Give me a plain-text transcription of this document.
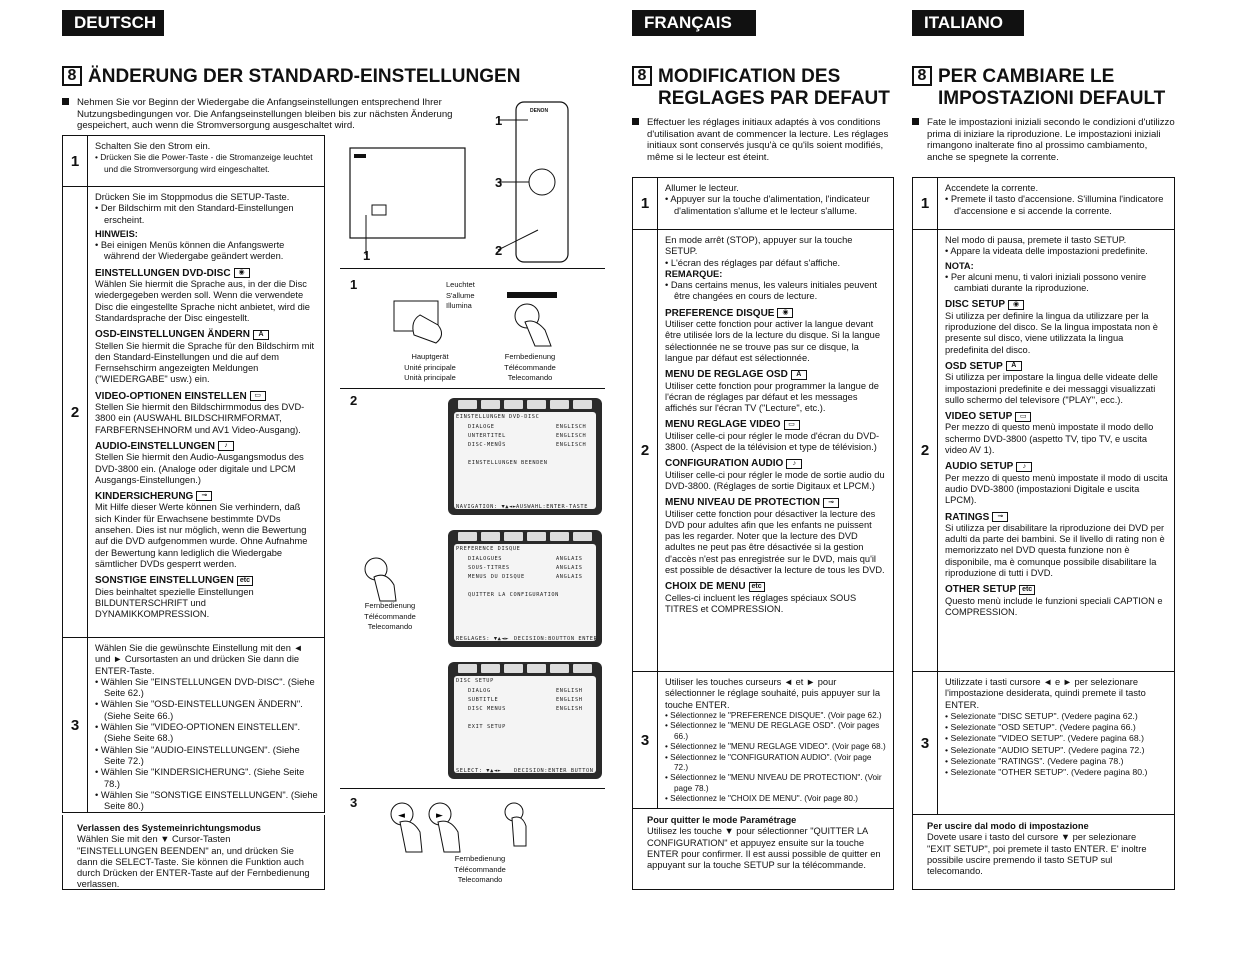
DEUTSCH	FRANÇAIS	ITALIANO
8 ÄNDERUNG DER STANDARD-EINSTELLUNGEN
Nehmen Sie vor Beginn der Wiedergabe die Anfangseinstellungen entsprechend Ihrer Nutzungsbedingungen vor. Die Anfangseinstellungen bleiben bis zur nächsten Änderung gespeichert, auch wenn die Stromversorgung ausgeschaltet wird.
1

Schalten Sie den Strom ein.

• Drücken Sie die Power-Taste - die Stromanzeige leuchtet und die Stromversorgung wird eingeschaltet.

2

Drücken Sie im Stoppmodus die SETUP-Taste.

• Der Bildschirm mit den Standard-Einstellungen erscheint.

HINWEIS:

• Bei einigen Menüs können die Anfangswerte während der Wiedergabe geändert werden.

EINSTELLUNGEN DVD-DISC ◉

Wählen Sie hiermit die Sprache aus, in der die Disc wiedergegeben werden soll. Wenn die verwendete Disc die eingestellte Sprache nicht anbietet, wird die Standardsprache der Disc eingestellt.

OSD-EINSTELLUNGEN ÄNDERN A

Stellen Sie hiermit die Sprache für den Bildschirm mit den Standard-Einstellungen und die auf dem Fernsehschirm angezeigten Meldungen ("WIEDERGABE" usw.) ein.

VIDEO-OPTIONEN EINSTELLEN ▭

Stellen Sie hiermit den Bildschirmmodus des DVD-3800 ein (AUSWAHL BILDSCHIRMFORMAT, FARBFERNSEHNORM und AV1 Video-Ausgang).

AUDIO-EINSTELLUNGEN ♪

Stellen Sie hiermit den Audio-Ausgangsmodus des DVD-3800 ein. (Analoge oder digitale und LPCM Ausgangs-Einstellungen.)

KINDERSICHERUNG ⊸

Mit Hilfe dieser Werte können Sie verhindern, daß sich Kinder für Erwachsene bestimmte DVDs ansehen. Dies ist nur möglich, wenn die Bewertung auf die DVD aufgenommen wurde. Ohne Aufnahme der Bewertung kann lediglich die Wiedergabe sämtlicher DVDs gesperrt werden.

SONSTIGE EINSTELLUNGEN etc

Dies beinhaltet spezielle Einstellungen BILDUNTERSCHRIFT und DYNAMIKKOMPRESSION.

3

Wählen Sie die gewünschte Einstellung mit den ◄ und ► Cursortasten an und drücken Sie dann die ENTER-Taste.

• Wählen Sie "EINSTELLUNGEN DVD-DISC". (Siehe Seite 62.)

• Wählen Sie "OSD-EINSTELLUNGEN ÄNDERN". (Siehe Seite 66.)

• Wählen Sie "VIDEO-OPTIONEN EINSTELLEN". (Siehe Seite 68.)

• Wählen Sie "AUDIO-EINSTELLUNGEN". (Siehe Seite 72.)

• Wählen Sie "KINDERSICHERUNG". (Siehe Seite 78.)

• Wählen Sie "SONSTIGE EINSTELLUNGEN". (Siehe Seite 80.)

Verlassen des Systemeinrichtungsmodus

Wählen Sie mit den ▼ Cursor-Tasten "EINSTELLUNGEN BEENDEN" an, und drücken Sie dann die SELECT-Taste. Sie können die Funktion auch durch Drücken der ENTER-Taste auf der Fernbedienung verlassen.

1
3
2
1
DENON
1	Leuchtet
S'allume
Illumina
Hauptgerät
Unité principale
Unità principale
Fernbedienung
Télécommande
Telecomando
2
EINSTELLUNGEN DVD-DISC
DIALOGE	ENGLISCH
UNTERTITEL	ENGLISCH
DISC-MENÜS	ENGLISCH
EINSTELLUNGEN BEENDEN
NAVIGATION: ▼▲◄► AUSWAHL:ENTER-TASTE
PREFERENCE DISQUE
DIALOGUES	ANGLAIS
SOUS-TITRES	ANGLAIS
MENUS DU DISQUE	ANGLAIS
QUITTER LA CONFIGURATION
REGLAGES: ▼▲◄► DECISION:BOUTTON ENTER
Fernbedienung
Télécommande
Telecomando
DISC SETUP
DIALOG	ENGLISH
SUBTITLE	ENGLISH
DISC MENUS	ENGLISH
EXIT SETUP
SELECT: ▼▲◄► DECISION:ENTER BUTTON
3
◄	►
Fernbedienung
Télécommande
Telecomando
8 MODIFICATION DES
REGLAGES PAR DEFAUT
Effectuer les réglages initiaux adaptés à vos conditions d'utilisation avant de commencer la lecture. Les réglages initiaux sont conservés jusqu'à ce qu'ils soient modifiés, même si le lecteur est éteint.
1

Allumer le lecteur.

• Appuyer sur la touche d'alimentation, l'indicateur d'alimentation s'allume et le lecteur s'allume.

2

En mode arrêt (STOP), appuyer sur la touche SETUP.

• L'écran des réglages par défaut s'affiche.

REMARQUE:

• Dans certains menus, les valeurs initiales peuvent être changées en cours de lecture.

PREFERENCE DISQUE ◉

Utiliser cette fonction pour activer la langue devant être utilisée lors de la lecture du disque. Si la langue sélectionnée ne se trouve pas sur ce disque, la langue par défaut est sélectionnée.

MENU DE REGLAGE OSD A

Utiliser cette fonction pour programmer la langue de l'écran de réglages par défaut et les messages affichés sur l'écran TV ("Lecture", etc.).

MENU REGLAGE VIDEO ▭

Utiliser celle-ci pour régler le mode d'écran du DVD-3800. (Aspect de la télévision et type de télévision.)

CONFIGURATION AUDIO ♪

Utiliser celle-ci pour régler le mode de sortie audio du DVD-3800. (Réglages de sortie Digitaux et LPCM.)

MENU NIVEAU DE PROTECTION ⊸

Utiliser cette fonction pour désactiver la lecture des DVD pour adultes afin que les enfants ne puissent pas les regarder. Noter que la lecture des DVD adultes ne peut pas être désactivée si la gestion d'accès n'est pas enregistrée sur le DVD, mais qu'il est possible de désactiver la lecture de tous les DVD.

CHOIX DE MENU etc

Celles-ci incluent les réglages spéciaux SOUS TITRES et COMPRESSION.

3

Utiliser les touches curseurs ◄ et ► pour sélectionner le réglage souhaité, puis appuyer sur la touche ENTER.

• Sélectionnez le "PREFERENCE DISQUE". (Voir page 62.)

• Sélectionnez le "MENU DE REGLAGE OSD". (Voir pages 66.)

• Sélectionnez le "MENU REGLAGE VIDEO". (Voir page 68.)

• Sélectionnez le "CONFIGURATION AUDIO". (Voir page 72.)

• Sélectionnez le "MENU NIVEAU DE PROTECTION". (Voir page 78.)

• Sélectionnez le "CHOIX DE MENU". (Voir page 80.)

Pour quitter le mode Paramétrage

Utilisez les touche ▼ pour sélectionner "QUITTER LA CONFIGURATION" et appuyez ensuite sur la touche ENTER pour confirmer. Il est aussi possible de quitter en appuyant sur la touche SETUP sur la télécommande.

8 PER CAMBIARE LE
IMPOSTAZIONI DEFAULT
Fate le impostazioni iniziali secondo le condizioni d'utilizzo prima di iniziare la riproduzione. Le impostazioni iniziali rimangono inalterate fino al prossimo cambiamento, anche se spegnete la corrente.
1

Accendete la corrente.

• Premete il tasto d'accensione. S'illumina l'indicatore d'accensione e si accende la corrente.

2

Nel modo di pausa, premete il tasto SETUP.

• Appare la videata delle impostazioni predefinite.

NOTA:

• Per alcuni menu, ti valori iniziali possono venire cambiati durante la riproduzione.

DISC SETUP ◉

Si utilizza per definire la lingua da utilizzare per la riproduzione del disco. Se la lingua impostata non è presente sul disco, viene utilizzata la lingua predefinita del disco.

OSD SETUP A

Si utilizza per impostare la lingua delle videate delle impostazioni predefinite e dei messaggi visualizzati sullo schermo del televisore ("PLAY", ecc.).

VIDEO SETUP ▭

Per mezzo di questo menù impostate il modo dello schermo DVD-3800 (aspetto TV, tipo TV, e uscita video AV 1).

AUDIO SETUP ♪

Per mezzo di questo menù impostate il modo di uscita audio DVD-3800 (impostazioni Digitale e uscita LPCM).

RATINGS ⊸

Si utilizza per disabilitare la riproduzione dei DVD per adulti da parte dei bambini. Se il livello di rating non è memorizzato nel DVD questa funzione non è disponibile, ma è comunque possibile disabilitare la riproduzione di tutti i DVD.

OTHER SETUP etc

Questo menù include le funzioni speciali CAPTION e COMPRESSION.

3

Utilizzate i tasti cursore ◄ e ► per selezionare l'impostazione desiderata, quindi premete il tasto ENTER.

• Selezionate "DISC SETUP". (Vedere pagina 62.)

• Selezionate "OSD SETUP". (Vedere pagina 66.)

• Selezionate "VIDEO SETUP". (Vedere pagina 68.)

• Selezionate "AUDIO SETUP". (Vedere pagina 72.)

• Selezionate "RATINGS". (Vedere pagina 78.)

• Selezionate "OTHER SETUP". (Vedere pagina 80.)

Per uscire dal modo di impostazione

Dovete usare i tasto del cursore ▼ per selezionare "EXIT SETUP", poi premete il tasto ENTER. E' inoltre possibile uscire premendo il tasto SETUP sul telecomando.
